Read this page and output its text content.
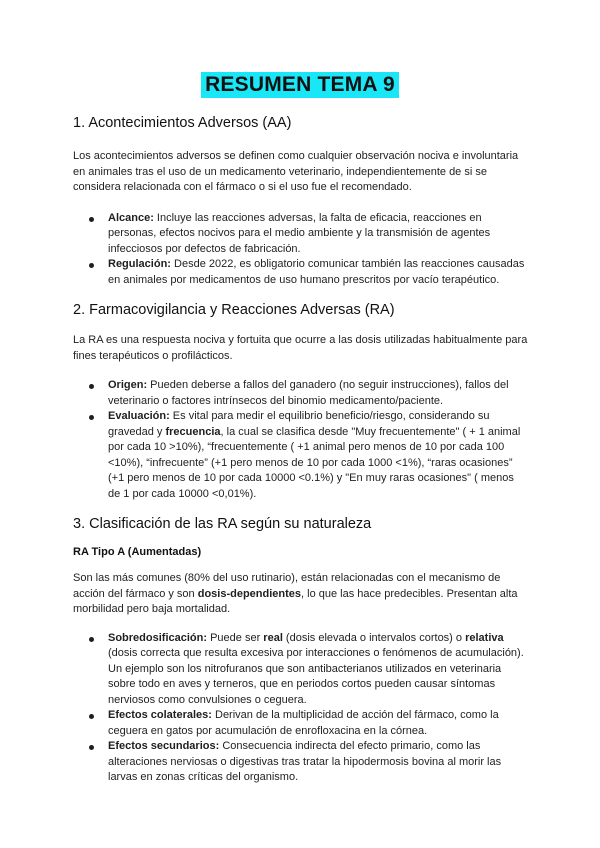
RESUMEN TEMA 9
1. Acontecimientos Adversos (AA)

Los acontecimientos adversos se definen como cualquier observación nociva e involuntaria en animales tras el uso de un medicamento veterinario, independientemente de si se considera relacionada con el fármaco o si el uso fue el recomendado.

Alcance: Incluye las reacciones adversas, la falta de eficacia, reacciones en personas, efectos nocivos para el medio ambiente y la transmisión de agentes infecciosos por defectos de fabricación.
Regulación: Desde 2022, es obligatorio comunicar también las reacciones causadas en animales por medicamentos de uso humano prescritos por vacío terapéutico.
2. Farmacovigilancia y Reacciones Adversas (RA)

La RA es una respuesta nociva y fortuita que ocurre a las dosis utilizadas habitualmente para fines terapéuticos o profilácticos.

Origen: Pueden deberse a fallos del ganadero (no seguir instrucciones), fallos del veterinario o factores intrínsecos del binomio medicamento/paciente.
Evaluación: Es vital para medir el equilibrio beneficio/riesgo, considerando su gravedad y frecuencia, la cual se clasifica desde "Muy frecuentemente" ( + 1 animal por cada 10 >10%), “frecuentemente ( +1 animal pero menos de 10 por cada 100 <10%), “infrecuente” (+1 pero menos de 10 por cada 1000 <1%), “raras ocasiones” (+1 pero menos de 10 por cada 10000 <0.1%) y "En muy raras ocasiones" ( menos de 1 por cada 10000 <0,01%).
3. Clasificación de las RA según su naturaleza
RA Tipo A (Aumentadas)

Son las más comunes (80% del uso rutinario), están relacionadas con el mecanismo de acción del fármaco y son dosis-dependientes, lo que las hace predecibles. Presentan alta morbilidad pero baja mortalidad.

Sobredosificación: Puede ser real (dosis elevada o intervalos cortos) o relativa (dosis correcta que resulta excesiva por interacciones o fenómenos de acumulación). Un ejemplo son los nitrofuranos que son antibacterianos utilizados en veterinaria sobre todo en aves y terneros, que en periodos cortos pueden causar síntomas nerviosos como convulsiones o ceguera.
Efectos colaterales: Derivan de la multiplicidad de acción del fármaco, como la ceguera en gatos por acumulación de enrofloxacina en la córnea.
Efectos secundarios: Consecuencia indirecta del efecto primario, como las alteraciones nerviosas o digestivas tras tratar la hipodermosis bovina al morir las larvas en zonas críticas del organismo.
